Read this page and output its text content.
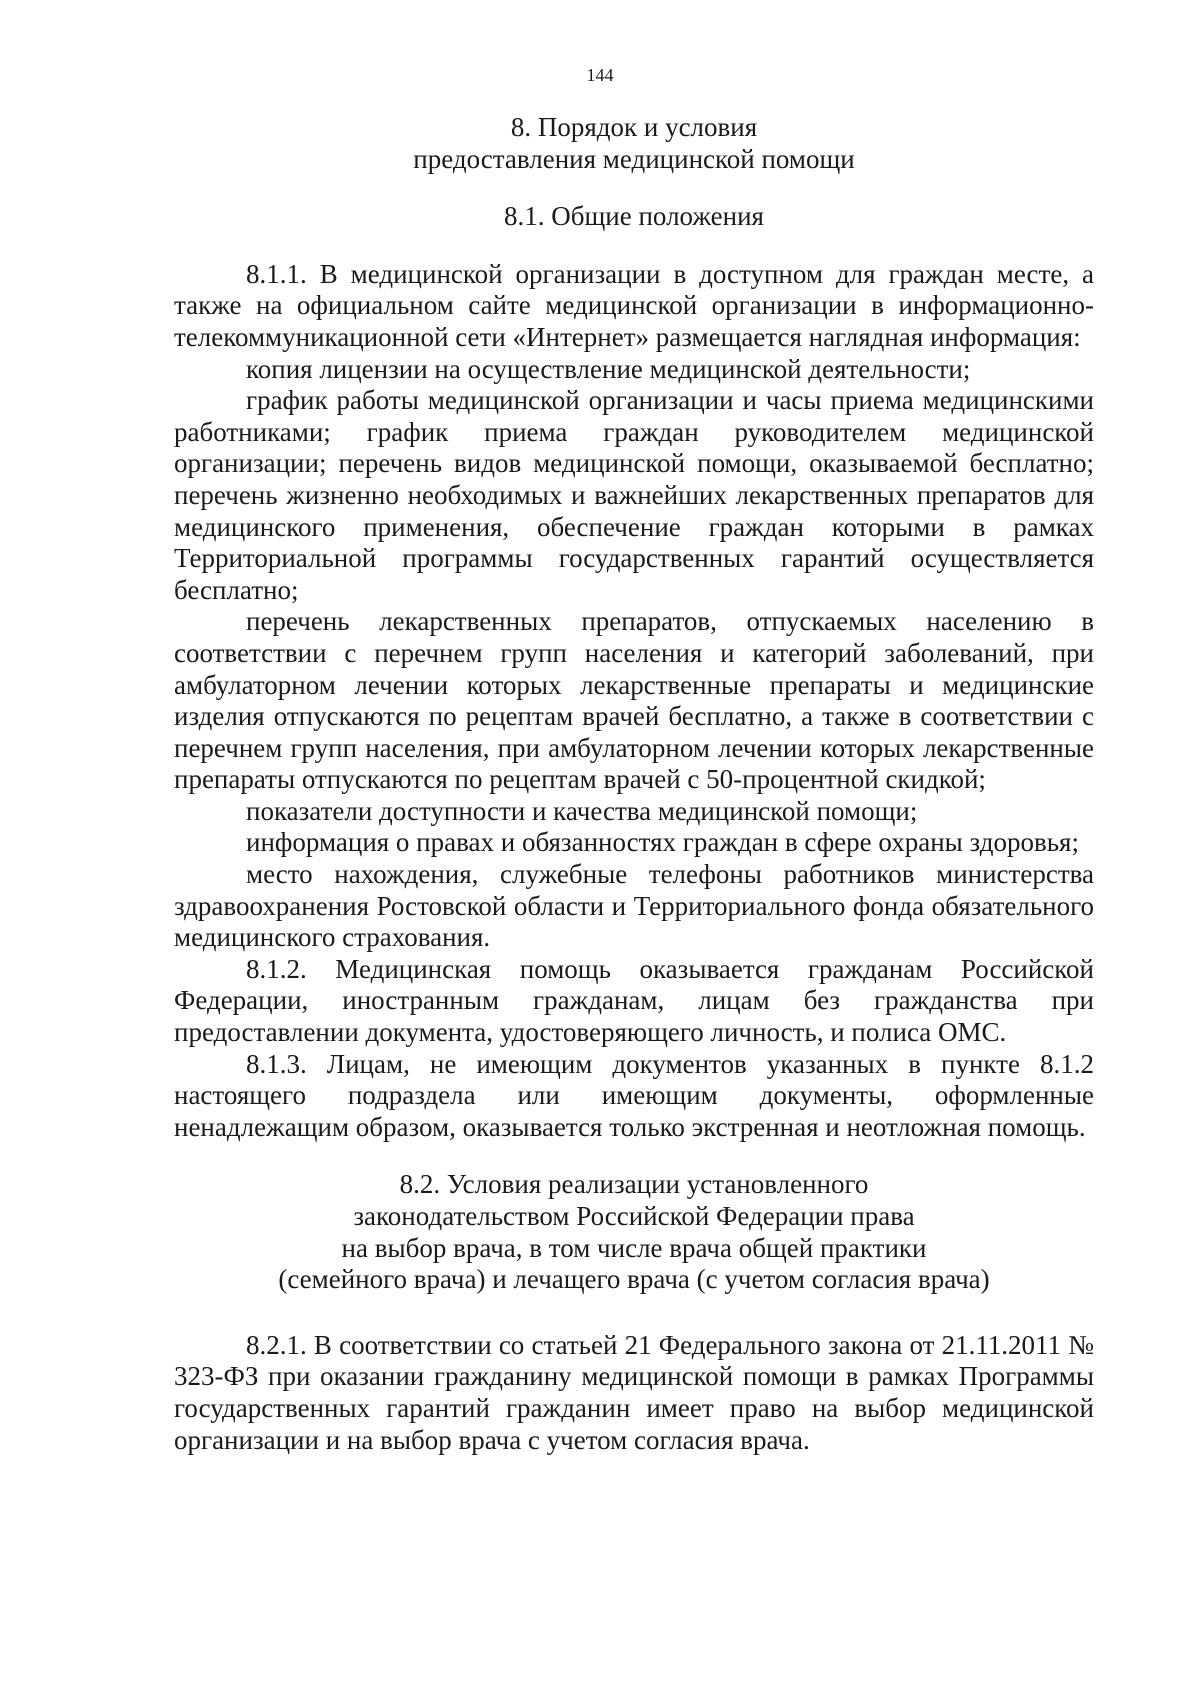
144
8. Порядок и условия
предоставления медицинской помощи
8.1. Общие положения

8.1.1. В медицинской организации в доступном для граждан месте, а также на официальном сайте медицинской организации в информационно-телекоммуникационной сети «Интернет» размещается наглядная информация:

копия лицензии на осуществление медицинской деятельности;

график работы медицинской организации и часы приема медицинскими работниками; график приема граждан руководителем медицинской организации; перечень видов медицинской помощи, оказываемой бесплатно; перечень жизненно необходимых и важнейших лекарственных препаратов для медицинского применения, обеспечение граждан которыми в рамках Территориальной программы государственных гарантий осуществляется бесплатно;

перечень лекарственных препаратов, отпускаемых населению в соответствии с перечнем групп населения и категорий заболеваний, при амбулаторном лечении которых лекарственные препараты и медицинские изделия отпускаются по рецептам врачей бесплатно, а также в соответствии с перечнем групп населения, при амбулаторном лечении которых лекарственные препараты отпускаются по рецептам врачей с 50-процентной скидкой;

показатели доступности и качества медицинской помощи;

информация о правах и обязанностях граждан в сфере охраны здоровья;

место нахождения, служебные телефоны работников министерства здравоохранения Ростовской области и Территориального фонда обязательного медицинского страхования.

8.1.2. Медицинская помощь оказывается гражданам Российской Федерации, иностранным гражданам, лицам без гражданства при предоставлении документа, удостоверяющего личность, и полиса ОМС.

8.1.3. Лицам, не имеющим документов указанных в пункте 8.1.2 настоящего подраздела или имеющим документы, оформленные ненадлежащим образом, оказывается только экстренная и неотложная помощь.

8.2. Условия реализации установленного
законодательством Российской Федерации права
на выбор врача, в том числе врача общей практики
(семейного врача) и лечащего врача (с учетом согласия врача)

8.2.1. В соответствии со статьей 21 Федерального закона от 21.11.2011 № 323-ФЗ при оказании гражданину медицинской помощи в рамках Программы государственных гарантий гражданин имеет право на выбор медицинской организации и на выбор врача с учетом согласия врача.
